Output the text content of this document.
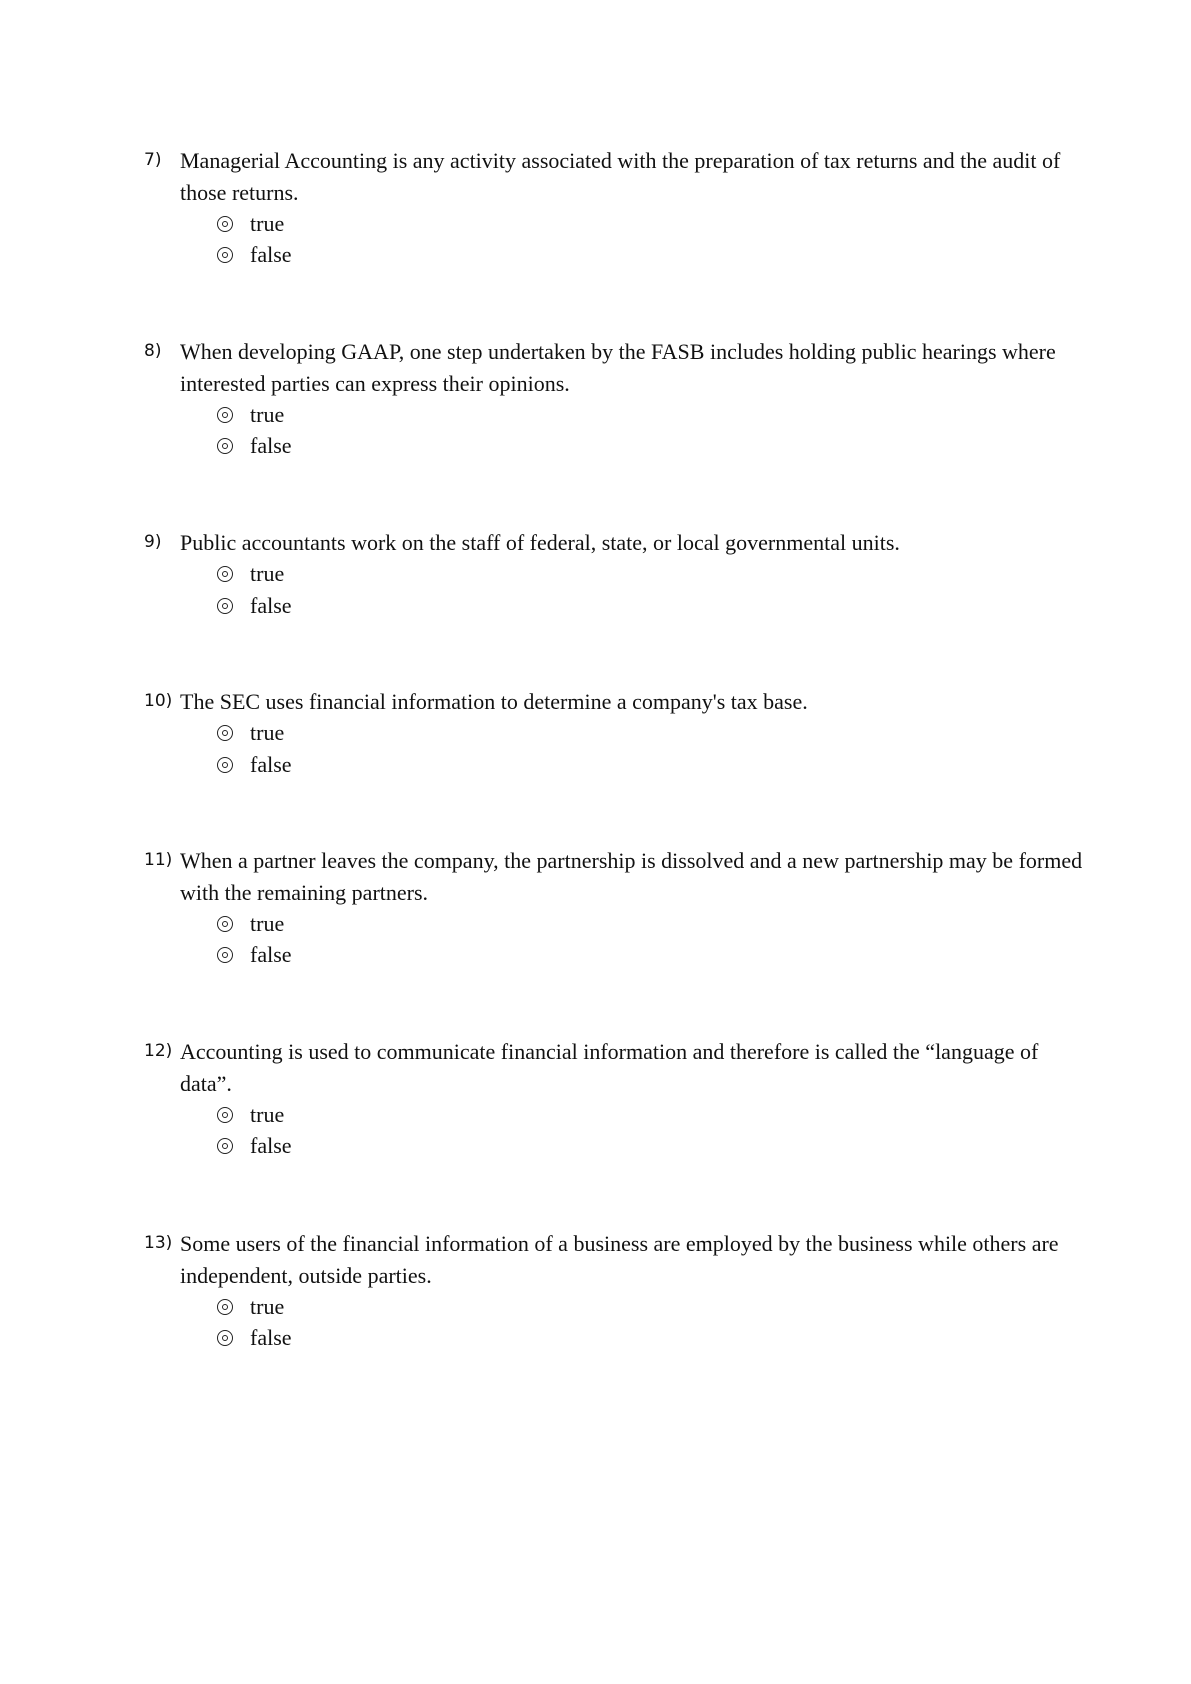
7) Managerial Accounting is any activity associated with the preparation of tax returns and the audit of those returns.
true
false
8) When developing GAAP, one step undertaken by the FASB includes holding public hearings where interested parties can express their opinions.
true
false
9) Public accountants work on the staff of federal, state, or local governmental units.
true
false
10) The SEC uses financial information to determine a company's tax base.
true
false
11) When a partner leaves the company, the partnership is dissolved and a new partnership may be formed with the remaining partners.
true
false
12) Accounting is used to communicate financial information and therefore is called the “language of data”.
true
false
13) Some users of the financial information of a business are employed by the business while others are independent, outside parties.
true
false
